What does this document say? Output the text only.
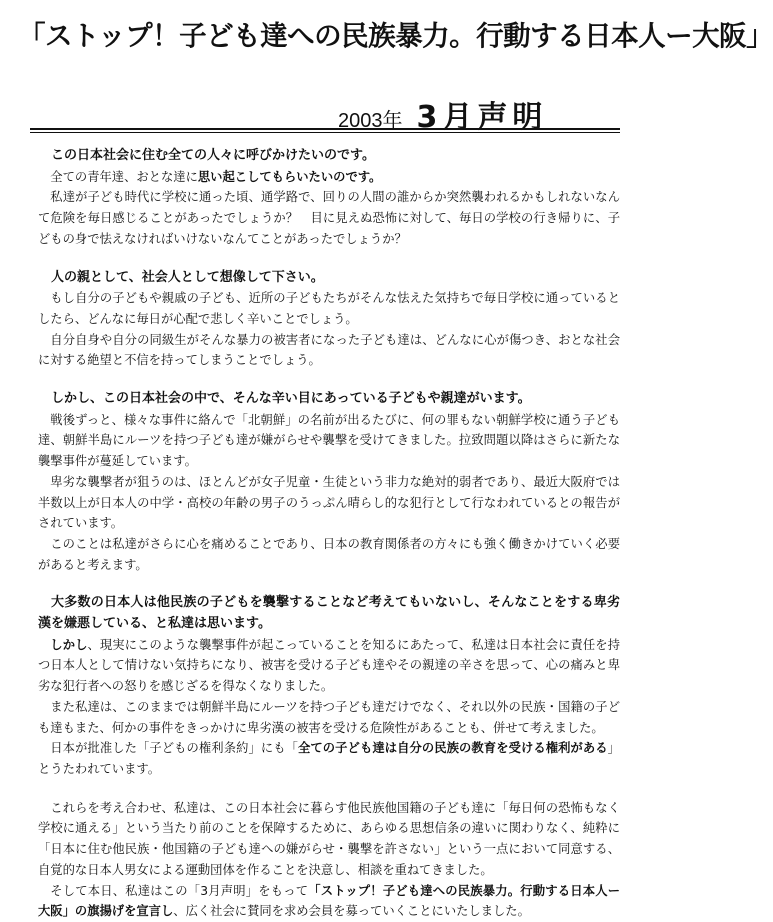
「ストップ！子ども達への民族暴力。行動する日本人ー大阪」
2003年 3月声明

この日本社会に住む全ての人々に呼びかけたいのです。

全ての青年達、おとな達に思い起こしてもらいたいのです。

私達が子ども時代に学校に通った頃、通学路で、回りの人間の誰からか突然襲われるかもしれないなんて危険を毎日感じることがあったでしょうか？　目に見えぬ恐怖に対して、毎日の学校の行き帰りに、子どもの身で怯えなければいけないなんてことがあったでしょうか？

人の親として、社会人として想像して下さい。

もし自分の子どもや親戚の子ども、近所の子どもたちがそんな怯えた気持ちで毎日学校に通っているとしたら、どんなに毎日が心配で悲しく辛いことでしょう。

自分自身や自分の同級生がそんな暴力の被害者になった子ども達は、どんなに心が傷つき、おとな社会に対する絶望と不信を持ってしまうことでしょう。

しかし、この日本社会の中で、そんな辛い目にあっている子どもや親達がいます。

戦後ずっと、様々な事件に絡んで「北朝鮮」の名前が出るたびに、何の罪もない朝鮮学校に通う子ども達、朝鮮半島にルーツを持つ子ども達が嫌がらせや襲撃を受けてきました。拉致問題以降はさらに新たな襲撃事件が蔓延しています。

卑劣な襲撃者が狙うのは、ほとんどが女子児童・生徒という非力な絶対的弱者であり、最近大阪府では半数以上が日本人の中学・高校の年齢の男子のうっぷん晴らし的な犯行として行なわれているとの報告がされています。

このことは私達がさらに心を痛めることであり、日本の教育関係者の方々にも強く働きかけていく必要があると考えます。

大多数の日本人は他民族の子どもを襲撃することなど考えてもいないし、そんなことをする卑劣漢を嫌悪している、と私達は思います。

しかし、現実にこのような襲撃事件が起こっていることを知るにあたって、私達は日本社会に責任を持つ日本人として情けない気持ちになり、被害を受ける子ども達やその親達の辛さを思って、心の痛みと卑劣な犯行者への怒りを感じざるを得なくなりました。

また私達は、このままでは朝鮮半島にルーツを持つ子ども達だけでなく、それ以外の民族・国籍の子ども達もまた、何かの事件をきっかけに卑劣漢の被害を受ける危険性があることも、併せて考えました。

日本が批准した「子どもの権利条約」にも「全ての子ども達は自分の民族の教育を受ける権利がある」とうたわれています。

これらを考え合わせ、私達は、この日本社会に暮らす他民族他国籍の子ども達に「毎日何の恐怖もなく学校に通える」という当たり前のことを保障するために、あらゆる思想信条の違いに関わりなく、純粋に「日本に住む他民族・他国籍の子ども達への嫌がらせ・襲撃を許さない」という一点において同意する、自覚的な日本人男女による運動団体を作ることを決意し、相談を重ねてきました。

そして本日、私達はこの「3月声明」をもって「ストップ！子ども達への民族暴力。行動する日本人ー大阪」の旗揚げを宣言し、広く社会に賛同を求め会員を募っていくことにいたしました。
